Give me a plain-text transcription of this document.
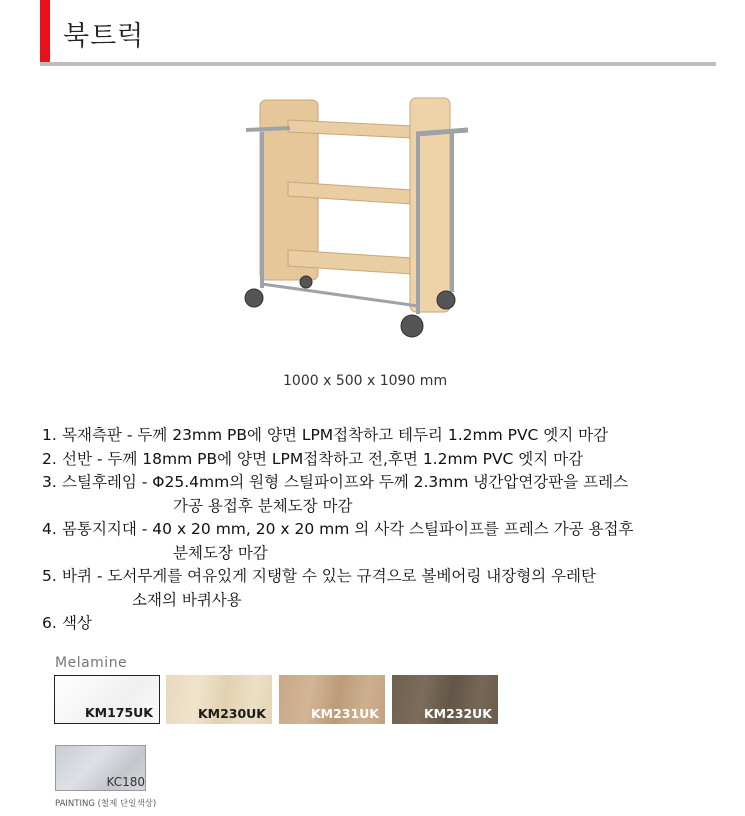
북트럭
1000 x 500 x 1090 mm
1. 목재측판 - 두께 23mm PB에 양면 LPM접착하고 테두리 1.2mm PVC 엣지 마감
2. 선반 - 두께 18mm PB에 양면 LPM접착하고 전,후면 1.2mm PVC 엣지 마감
3. 스틸후레임 - Φ25.4mm의 원형 스틸파이프와 두께 2.3mm 냉간압연강판을 프레스
가공 용접후 분체도장 마감
4. 몸통지지대 - 40 x 20 mm, 20 x 20 mm 의 사각 스틸파이프를 프레스 가공 용접후
분체도장 마감
5. 바퀴 - 도서무게를 여유있게 지탱할 수 있는 규격으로 볼베어링 내장형의 우레탄
소재의 바퀴사용
6. 색상
Melamine
KM175UK	KM230UK	KM231UK	KM232UK
KC180
PAINTING (철제 단일색상)
